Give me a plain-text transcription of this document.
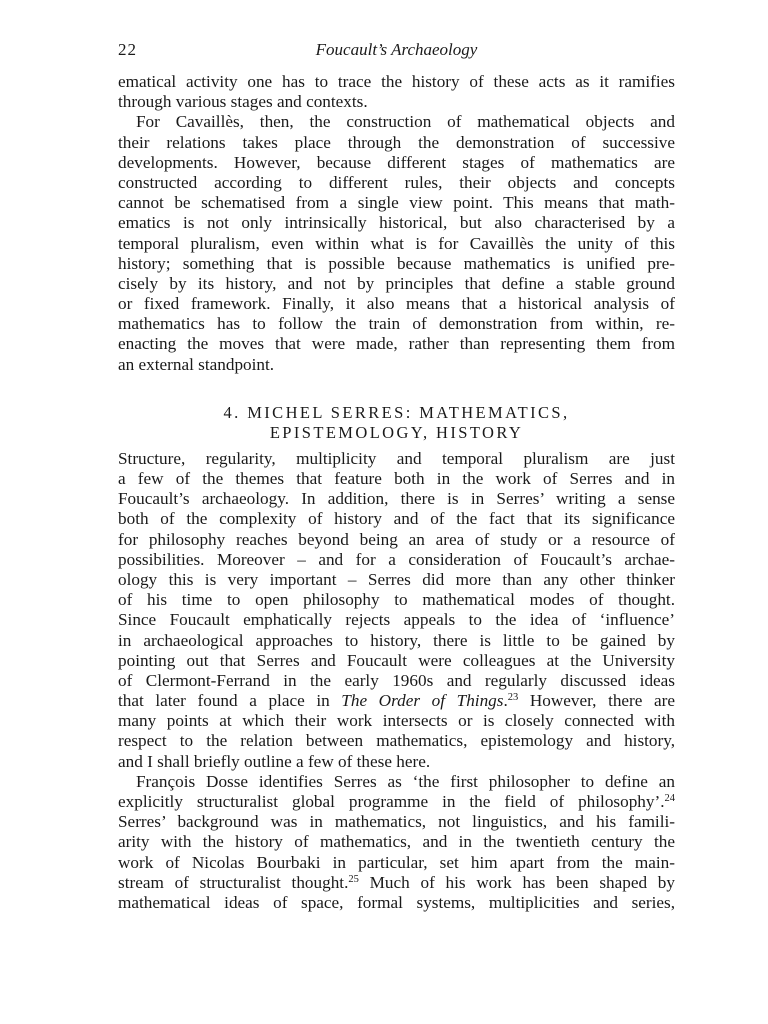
22	Foucault’s Archaeology
ematical activity one has to trace the history of these acts as it ramifies
through various stages and contexts.
For Cavaillès, then, the construction of mathematical objects and
their relations takes place through the demonstration of successive
developments. However, because different stages of mathematics are
constructed according to different rules, their objects and concepts
cannot be schematised from a single view point. This means that math-
ematics is not only intrinsically historical, but also characterised by a
temporal pluralism, even within what is for Cavaillès the unity of this
history; something that is possible because mathematics is unified pre-
cisely by its history, and not by principles that define a stable ground
or fixed framework. Finally, it also means that a historical analysis of
mathematics has to follow the train of demonstration from within, re-
enacting the moves that were made, rather than representing them from
an external standpoint.
4. MICHEL SERRES: MATHEMATICS,
EPISTEMOLOGY, HISTORY
Structure, regularity, multiplicity and temporal pluralism are just
a few of the themes that feature both in the work of Serres and in
Foucault’s archaeology. In addition, there is in Serres’ writing a sense
both of the complexity of history and of the fact that its significance
for philosophy reaches beyond being an area of study or a resource of
possibilities. Moreover – and for a consideration of Foucault’s archae-
ology this is very important – Serres did more than any other thinker
of his time to open philosophy to mathematical modes of thought.
Since Foucault emphatically rejects appeals to the idea of ‘influence’
in archaeological approaches to history, there is little to be gained by
pointing out that Serres and Foucault were colleagues at the University
of Clermont-Ferrand in the early 1960s and regularly discussed ideas
that later found a place in The Order of Things.$^{23}$ However, there are
many points at which their work intersects or is closely connected with
respect to the relation between mathematics, epistemology and history,
and I shall briefly outline a few of these here.
François Dosse identifies Serres as ‘the first philosopher to define an
explicitly structuralist global programme in the field of philosophy’.$^{24}$
Serres’ background was in mathematics, not linguistics, and his famili-
arity with the history of mathematics, and in the twentieth century the
work of Nicolas Bourbaki in particular, set him apart from the main-
stream of structuralist thought.$^{25}$ Much of his work has been shaped by
mathematical ideas of space, formal systems, multiplicities and series,
